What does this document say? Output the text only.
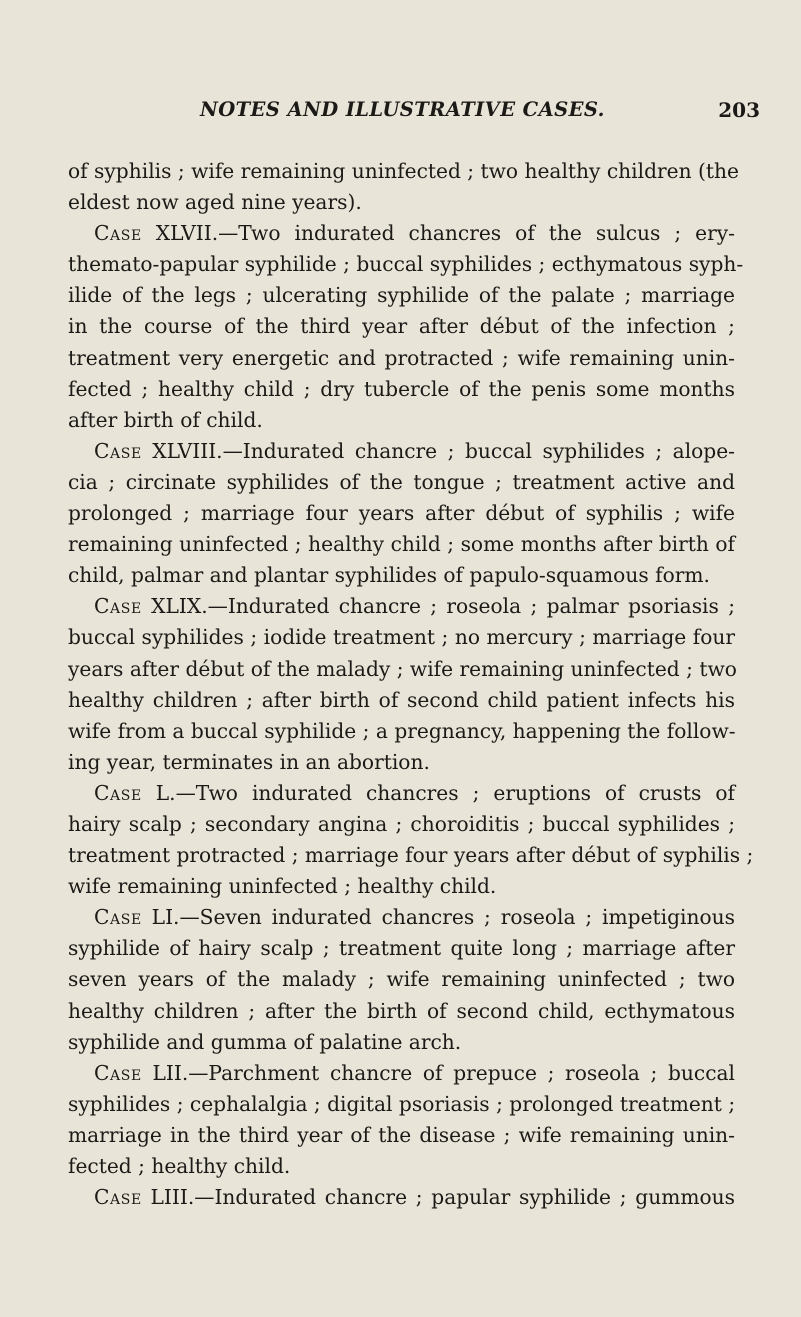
NOTES AND ILLUSTRATIVE CASES.	203
of syphilis ; wife remaining uninfected ; two healthy children (the
eldest now aged nine years).
Case XLVII.—Two indurated chancres of the sulcus ; ery-
themato-papular syphilide ; buccal syphilides ; ecthymatous syph-
ilide of the legs ; ulcerating syphilide of the palate ; marriage
in the course of the third year after début of the infection ;
treatment very energetic and protracted ; wife remaining unin-
fected ; healthy child ; dry tubercle of the penis some months
after birth of child.
Case XLVIII.—Indurated chancre ; buccal syphilides ; alope-
cia ; circinate syphilides of the tongue ; treatment active and
prolonged ; marriage four years after début of syphilis ; wife
remaining uninfected ; healthy child ; some months after birth of
child, palmar and plantar syphilides of papulo-squamous form.
Case XLIX.—Indurated chancre ; roseola ; palmar psoriasis ;
buccal syphilides ; iodide treatment ; no mercury ; marriage four
years after début of the malady ; wife remaining uninfected ; two
healthy children ; after birth of second child patient infects his
wife from a buccal syphilide ; a pregnancy, happening the follow-
ing year, terminates in an abortion.
Case L.—Two indurated chancres ; eruptions of crusts of
hairy scalp ; secondary angina ; choroiditis ; buccal syphilides ;
treatment protracted ; marriage four years after début of syphilis ;
wife remaining uninfected ; healthy child.
Case LI.—Seven indurated chancres ; roseola ; impetiginous
syphilide of hairy scalp ; treatment quite long ; marriage after
seven years of the malady ; wife remaining uninfected ; two
healthy children ; after the birth of second child, ecthymatous
syphilide and gumma of palatine arch.
Case LII.—Parchment chancre of prepuce ; roseola ; buccal
syphilides ; cephalalgia ; digital psoriasis ; prolonged treatment ;
marriage in the third year of the disease ; wife remaining unin-
fected ; healthy child.
Case LIII.—Indurated chancre ; papular syphilide ; gummous
